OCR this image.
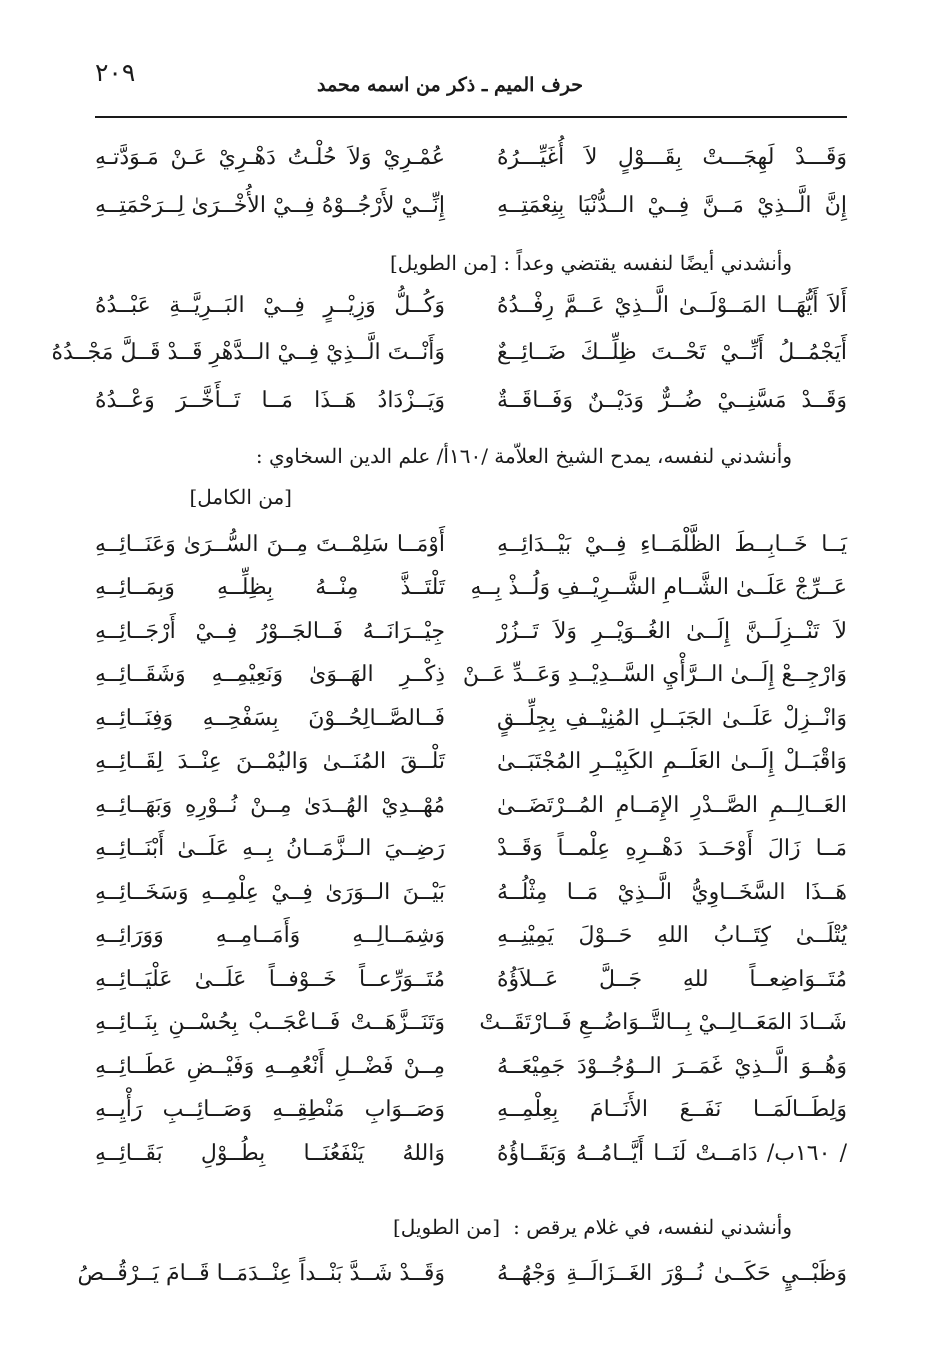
٢٠٩	حرف الميم ـ ذكر من اسمه محمد
وَقَـــدْ لَهِجَـــتْ بِقَـــوْلٍ لاَ أُغَيِّـــرُهُ
عُمْـرِيْ وَلاَ حُلْـتُ دَهْـرِيْ عَـنْ مَـوَدَّتـهِ
إِنَّ الَّــذِيْ مَــنَّ فِــيْ الــدُّنْيَا بِنِعْمَتِــهِ
إِنِّــيْ لأَرْجُــوْهُ فِــيْ الأُخْــرَىٰ لِــرَحْمَتِــهِ
وأنشدني أيضًا لنفسه يقتضي وعداً :
[من الطويل]
أَلاَ أَيُّهَــا المَــوْلَــىٰ الَّــذِيْ عَــمَّ رِفْــدُهُ
وَكُــلُّ وَزِيْــرٍ فِــيْ البَــرِيَّــةِ عَبْــدُهُ
أَيَجْمُــلُ أَنِّــيْ تَحْــتَ ظِلِّــكَ ضَــائِــعٌ
وَأَنْــتَ الَّــذِيْ فِــيْ الــدَّهْرِ قَــدْ قَــلَّ مَجْــدُهُ
وَقَــدْ مَسَّنِــيْ ضُــرٌّ وَدَيْــنٌ وَفَــاقَــةٌ
وَيَــزْدَادُ هَــذَا مَــا تَــأَخَّــرَ وَعْــدُهُ
وأنشدني لنفسه، يمدح الشيخ العلاّمة /١٦٠أ/ علم الدين السخاوي :
[من الكامل]
يَــا خَــابِــطَ الظَّلْمَــاءِ فِــيْ بَيْــدَائِــهِ
أَوْمَــا سَلِمْــتَ مِــنَ السُّــرَىٰ وَعَنَــائِــهِ
عَــرِّجْ عَلَــىٰ الشَّــامِ الشَّــرِيْــفِ وَلُــذْ بِــهِ
تَلْتَــذَّ مِنْــهُ بِظِلِّــهِ وَبِمَــائِــهِ
لاَ تَنْــزِلَــنَّ إِلَــىٰ الغُــوَيْــرِ وَلاَ تَــزُرْ
جِيْــرَانَــهُ فَــالجَــوْرُ فِــيْ أَرْجَــائِــهِ
وَارْجِــعْ إِلَــىٰ الــرَّأْيِ السَّــدِيْــدِ وَعَــدِّ عَــنْ
ذِكْــرِ الهَــوَىٰ وَنَعِيْمِــهِ وَشَقَــائِــهِ
وَانْــزِلْ عَلَــىٰ الجَبَــلِ المُنِيْــفِ بِجِلِّــقٍ
فَــالصَّــالِحُــوْنَ بِسَفْحِــهِ وَفِنَــائِــهِ
وَاقْبَــلْ إِلَــىٰ العَلَــمِ الكَبِيْــرِ المُجْتَبَــىٰ
تَلْــقَ المُنَــىٰ وَاليُمْــنَ عِنْــدَ لِقَــائِــهِ
العَــالِــمِ الصَّــدْرِ الإِمَــامِ المُــرْتَضَــىٰ
مُهْــدِيْ الهُــدَىٰ مِــنْ نُــوْرِهِ وَبَهَــائِــهِ
مَــا زَالَ أَوْحَــدَ دَهْــرِهِ عِلْمــاً وَقَــدْ
رَضِــيَ الــزَّمَــانُ بِــهِ عَلَــىٰ أَبْنَــائِــهِ
هَــذَا السَّخَــاوِيُّ الَّــذِيْ مَــا مِثْلُــهُ
بَيْــنَ الــوَرَىٰ فِــيْ عِلْمِــهِ وَسَخَــائِــهِ
يُتْلَــىٰ كِتَــابُ اللهِ حَــوْلَ يَمِيْنِــهِ
وَشِمَــالِــهِ وَأَمَــامِــهِ وَوَرَائِــهِ
مُتَــوَاضِعــاً للهِ جَــلَّ عَــلاَؤُهُ
مُتَــوَرِّعــاً خَــوْفــاً عَلَــىٰ عَلْيَــائِــهِ
شَــادَ المَعَــالِــيْ بِــالتَّــوَاضُــعِ فَــارْتَقَــتْ
وَتَنَــزَّهَــتْ فَــاعْجَــبْ بِحُسْــنِ بِنَــائِــهِ
وَهُــوَ الَّــذِيْ غَمَــرَ الــوُجُــوْدَ جَمِيْعَــهُ
مِــنْ فَضْــلِ أَنْعُمِــهِ وَفَيْــضِ عَطَــائِــهِ
وَلِطَــالَمَــا نَفَــعَ الأَنَــامَ بِعِلْمِــهِ
وَصَــوَابِ مَنْطِقِــهِ وَصَــائِــبِ رَأْيِــهِ
/ ١٦٠ب/ دَامَــتْ لَنَــا أَيَّــامُــهُ وَبَقَــاؤُهُ
وَاللهُ يَنْفَعُنَــا بِطُــوْلِ بَقَــائِــهِ
وأنشدني لنفسه، في غلام يرقص :
[من الطويل]
وَظَبْــيٍ حَكَــىٰ نُــوْرَ الغَــزَالَــةِ وَجْهُــهُ
وَقَــدْ شَــدَّ بَنْــداً عِنْــدَمَــا قَــامَ يَــرْقُــصُ
